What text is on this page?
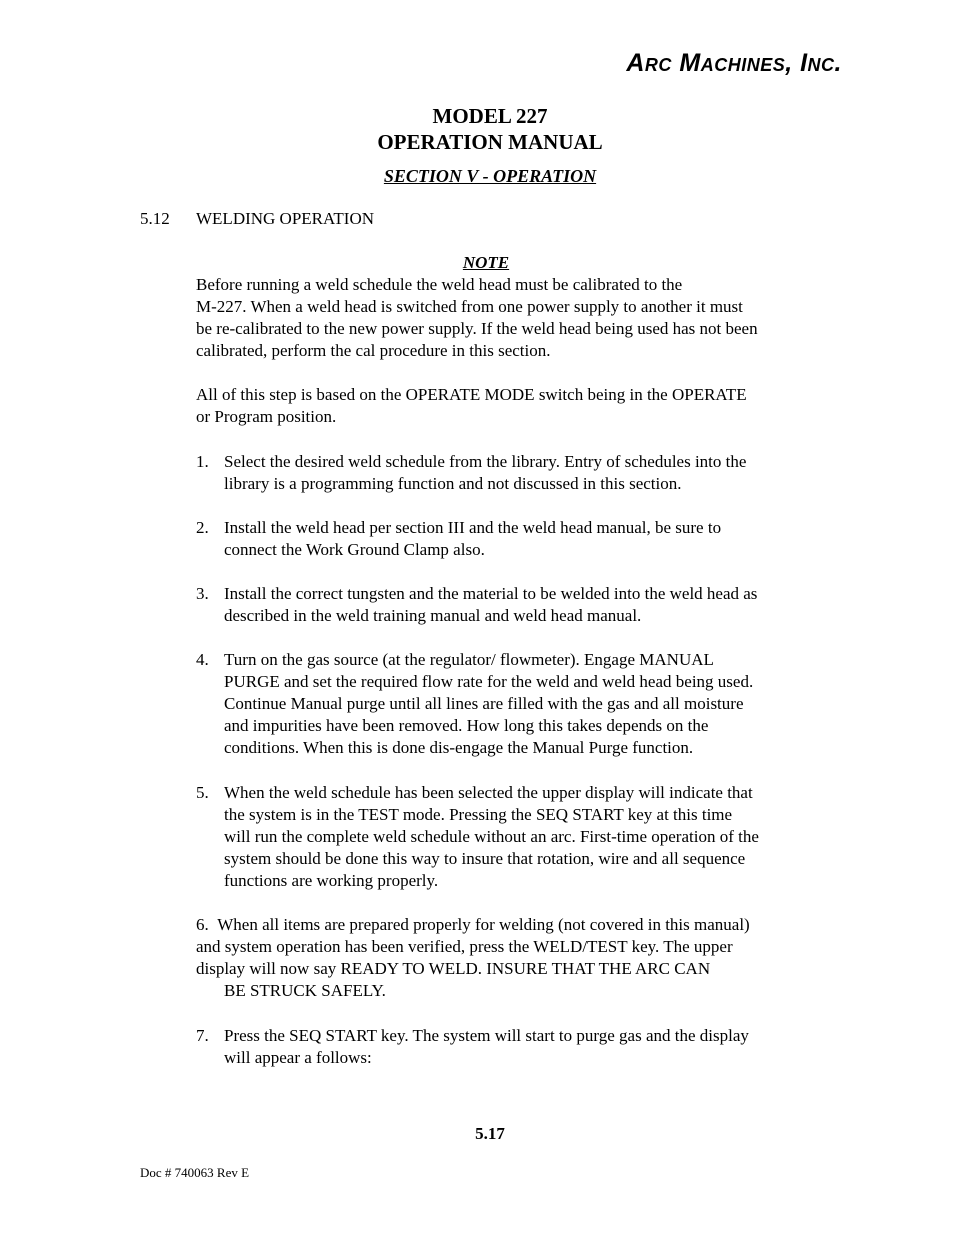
Arc Machines, Inc.
MODEL 227
OPERATION MANUAL
SECTION V - OPERATION
5.12 WELDING OPERATION
NOTE
Before running a weld schedule the weld head must be calibrated to the
M-227. When a weld head is switched from one power supply to another it must
be re-calibrated to the new power supply. If the weld head being used has not been
calibrated, perform the cal procedure in this section.
All of this step is based on the OPERATE MODE switch being in the OPERATE
or Program position.
1. Select the desired weld schedule from the library. Entry of schedules into the
library is a programming function and not discussed in this section.
2. Install the weld head per section III and the weld head manual, be sure to
connect the Work Ground Clamp also.
3. Install the correct tungsten and the material to be welded into the weld head as
described in the weld training manual and weld head manual.
4. Turn on the gas source (at the regulator/ flowmeter). Engage MANUAL
PURGE and set the required flow rate for the weld and weld head being used.
Continue Manual purge until all lines are filled with the gas and all moisture
and impurities have been removed. How long this takes depends on the
conditions. When this is done dis-engage the Manual Purge function.
5. When the weld schedule has been selected the upper display will indicate that
the system is in the TEST mode. Pressing the SEQ START key at this time
will run the complete weld schedule without an arc. First-time operation of the
system should be done this way to insure that rotation, wire and all sequence
functions are working properly.
6. When all items are prepared properly for welding (not covered in this manual)
and system operation has been verified, press the WELD/TEST key. The upper
display will now say READY TO WELD. INSURE THAT THE ARC CAN
BE STRUCK SAFELY.
7. Press the SEQ START key. The system will start to purge gas and the display
will appear a follows:
5.17
Doc # 740063 Rev E
